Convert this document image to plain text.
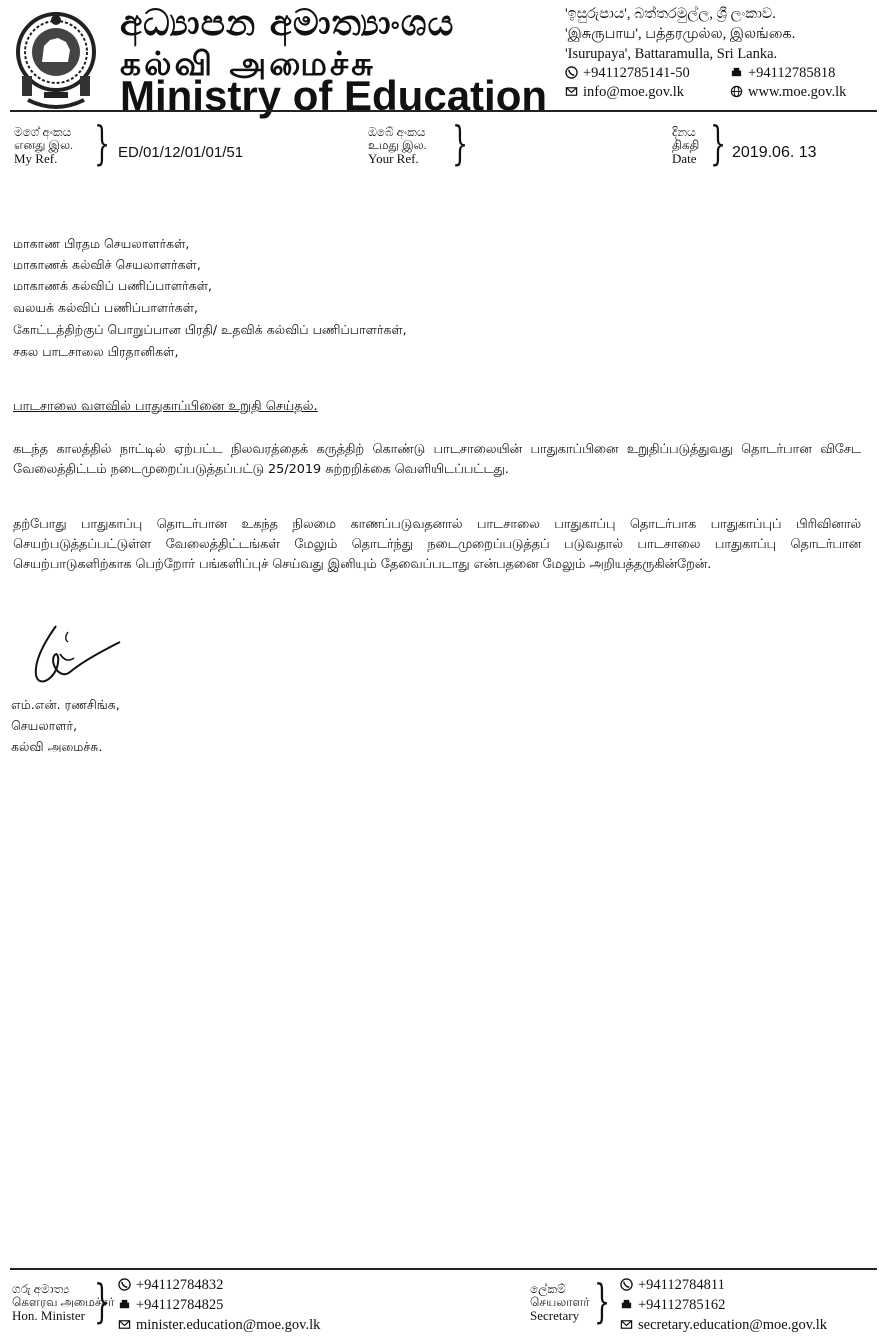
අධ්‍යාපන අමාත්‍යාංශය
கல்வி அமைச்சு
Ministry of Education
'ඉසුරුපාය', බත්තරමුල්ල, ශ්‍රී ලංකාව.
'இசுருபாய', பத்தரமுல்ல, இலங்கை.
'Isurupaya', Battaramulla, Sri Lanka.
+94112785141-50	+94112785818
info@moe.gov.lk	www.moe.gov.lk
මගේ අංකය
எனது இல.
My Ref. } ED/01/12/01/01/51
ඔබේ අංකය
உமது இல.
Your Ref. }	දිනය
திகதி
Date } 2019.06. 13
மாகாண பிரதம செயலாளர்கள்,
மாகாணக் கல்விச் செயலாளர்கள்,
மாகாணக் கல்விப் பணிப்பாளர்கள்,
வலயக் கல்விப் பணிப்பாளர்கள்,
கோட்டத்திற்குப் பொறுப்பான பிரதி/ உதவிக் கல்விப் பணிப்பாளர்கள்,
சகல பாடசாலை பிரதானிகள்,
பாடசாலை வளவில் பாதுகாப்பினை உறுதி செய்தல்.
கடந்த காலத்தில் நாட்டில் ஏற்பட்ட நிலவரத்தைக் கருத்திற் கொண்டு பாடசாலையின் பாதுகாப்பினை உறுதிப்படுத்துவது தொடர்பான விசேட வேலைத்திட்டம் நடைமுறைப்படுத்தப்பட்டு 25/2019 சுற்றறிக்கை வெளியிடப்பட்டது.
தற்போது பாதுகாப்பு தொடர்பான உகந்த நிலமை காணப்படுவதனால் பாடசாலை பாதுகாப்பு தொடர்பாக பாதுகாப்புப் பிரிவினால் செயற்படுத்தப்பட்டுள்ள வேலைத்திட்டங்கள் மேலும் தொடர்ந்து நடைமுறைப்படுத்தப் படுவதால் பாடசாலை பாதுகாப்பு தொடர்பான செயற்பாடுகளிற்காக பெற்றோர் பங்களிப்புச் செய்வது இனியும் தேவைப்படாது என்பதனை மேலும் அறியத்தருகின்றேன்.
எம்.என். ரணசிங்க,
செயலாளர்,
கல்வி அமைச்சு.
ගරු අමාත්‍ය
கௌரவ அமைச்சர்
Hon. Minister }	+94112784832
+94112784825
minister.education@moe.gov.lk
ලේකම්
செயலாளர்
Secretary }	+94112784811
+94112785162
secretary.education@moe.gov.lk
